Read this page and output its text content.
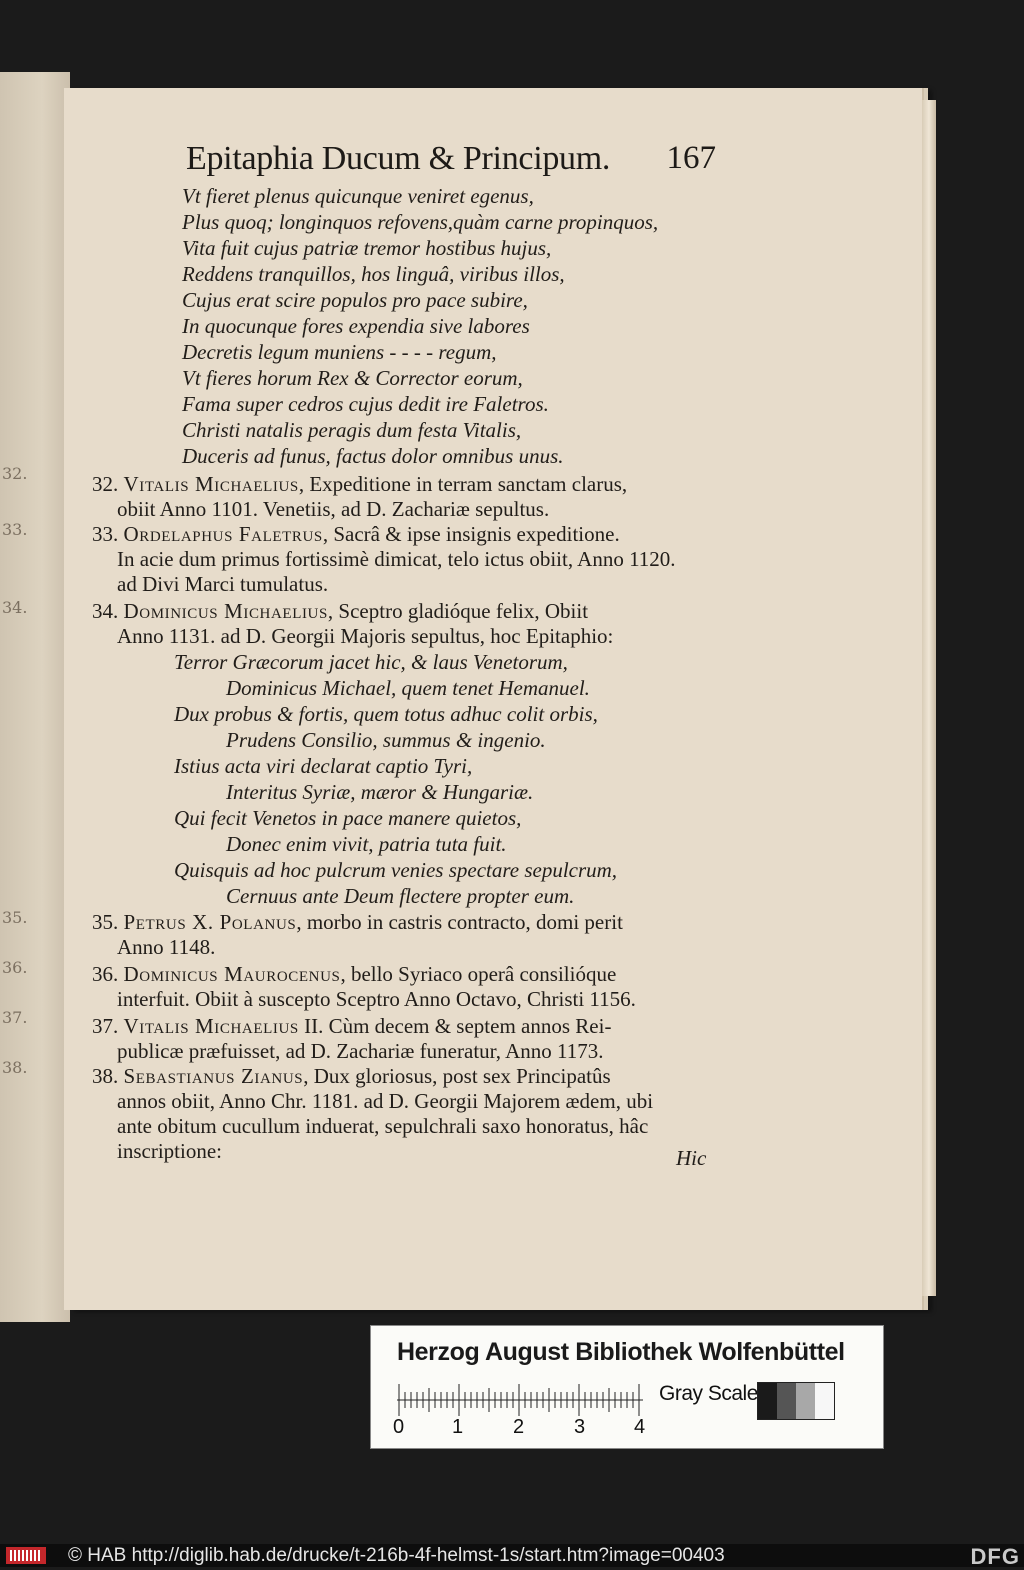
32.
33.
34.
35.
36.
37.
38.
Epitaphia Ducum & Principum. 167
Vt fieret plenus quicunque veniret egenus,
Plus quoq; longinquos refovens,quàm carne propinquos,
Vita fuit cujus patriæ tremor hostibus hujus,
Reddens tranquillos, hos linguâ, viribus illos,
Cujus erat scire populos pro pace subire,
In quocunque fores expendia sive labores
Decretis legum muniens - - - - regum,
Vt fieres horum Rex & Corrector eorum,
Fama super cedros cujus dedit ire Faletros.
Christi natalis peragis dum festa Vitalis,
Duceris ad funus, factus dolor omnibus unus.
32. Vitalis Michaelius, Expeditione in terram sanctam clarus,
obiit Anno 1101. Venetiis, ad D. Zachariæ sepultus.
33. Ordelaphus Faletrus, Sacrâ & ipse insignis expeditione.
In acie dum primus fortissimè dimicat, telo ictus obiit, Anno 1120.
ad Divi Marci tumulatus.
34. Dominicus Michaelius, Sceptro gladióque felix, Obiit
Anno 1131. ad D. Georgii Majoris sepultus, hoc Epitaphio:
Terror Græcorum jacet hic, & laus Venetorum,
Dominicus Michael, quem tenet Hemanuel.
Dux probus & fortis, quem totus adhuc colit orbis,
Prudens Consilio, summus & ingenio.
Istius acta viri declarat captio Tyri,
Interitus Syriæ, mæror & Hungariæ.
Qui fecit Venetos in pace manere quietos,
Donec enim vivit, patria tuta fuit.
Quisquis ad hoc pulcrum venies spectare sepulcrum,
Cernuus ante Deum flectere propter eum.
35. Petrus X. Polanus, morbo in castris contracto, domi perit
Anno 1148.
36. Dominicus Maurocenus, bello Syriaco operâ consilióque
interfuit. Obiit à suscepto Sceptro Anno Octavo, Christi 1156.
37. Vitalis Michaelius II. Cùm decem & septem annos Rei-
publicæ præfuisset, ad D. Zachariæ funeratur, Anno 1173.
38. Sebastianus Zianus, Dux gloriosus, post sex Principatûs
annos obiit, Anno Chr. 1181. ad D. Georgii Majorem ædem, ubi
ante obitum cucullum induerat, sepulchrali saxo honoratus, hâc
inscriptione:	Hic
Herzog August Bibliothek Wolfenbüttel
0 1 2 3 4
Gray Scale
© HAB http://diglib.hab.de/drucke/t-216b-4f-helmst-1s/start.htm?image=00403	DFG
